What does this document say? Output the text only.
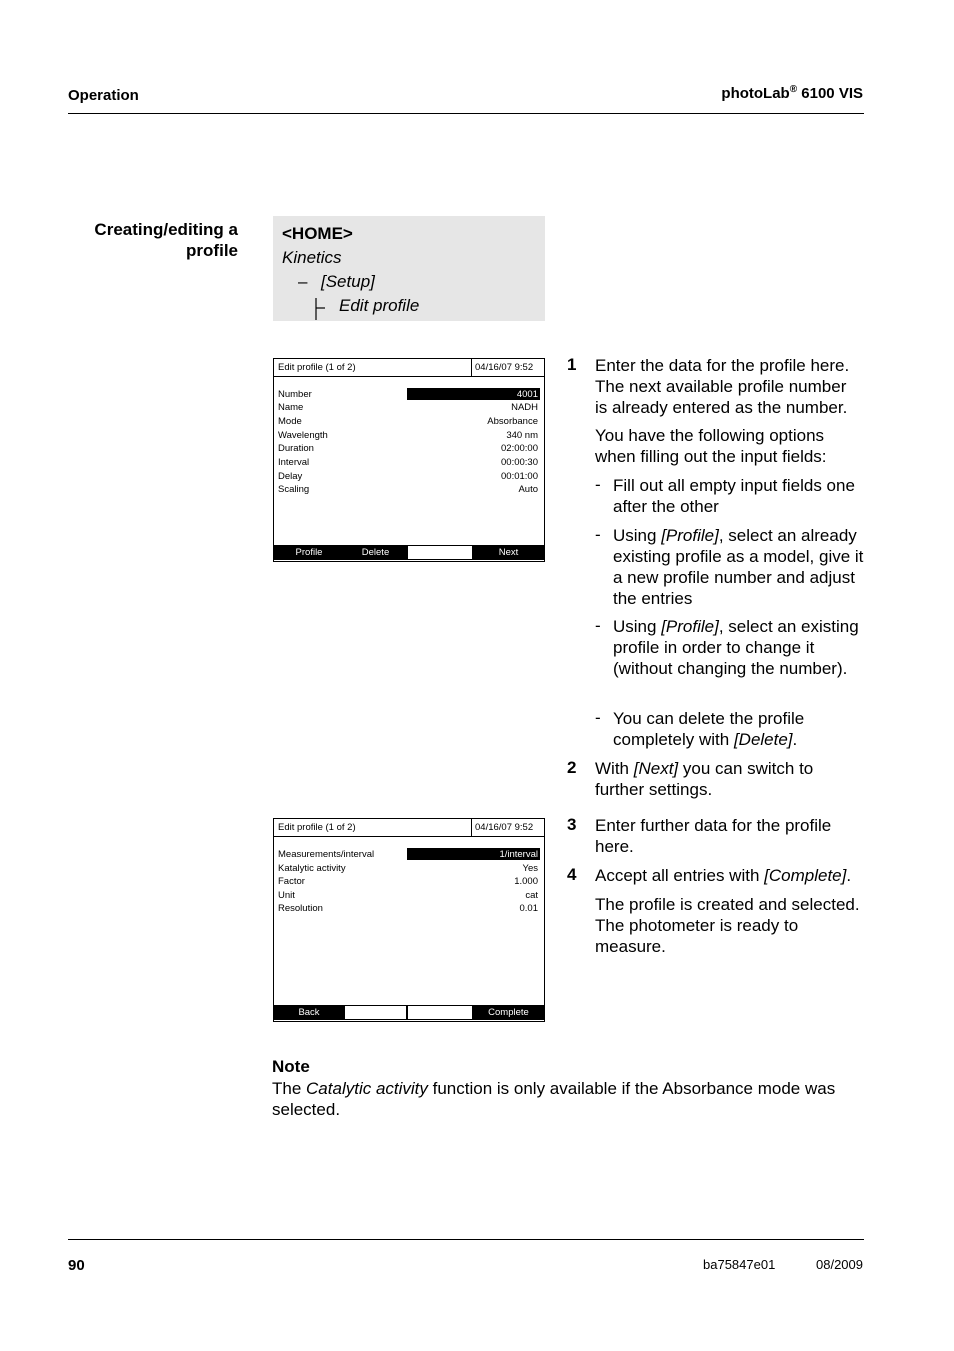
Operation	photoLab® 6100 VIS
Creating/editing a
profile
<HOME>
Kinetics
– [Setup]
Edit profile
Edit profile (1 of 2)	04/16/07 9:52
Number	4001
Name	NADH
Mode	Absorbance
Wavelength	340 nm
Duration	02:00:00
Interval	00:00:30
Delay	00:01:00
Scaling	Auto
Profile	Delete	Next
Edit profile (1 of 2)	04/16/07 9:52
Measurements/interval	1/interval
Katalytic activity	Yes
Factor	1.000
Unit	cat
Resolution	0.01
Back	Complete
1 Enter the data for the profile here. The next available profile number is already entered as the number.
You have the following options when filling out the input fields:
- Fill out all empty input fields one after the other
- Using [Profile], select an already existing profile as a model, give it a new profile number and adjust the entries
- Using [Profile], select an existing profile in order to change it (without changing the number).
- You can delete the profile completely with [Delete].
2 With [Next] you can switch to further settings.
3 Enter further data for the profile here.
4 Accept all entries with [Complete].
The profile is created and selected. The photometer is ready to measure.
Note
The Catalytic activity function is only available if the Absorbance mode was selected.
90	ba75847e01	08/2009
